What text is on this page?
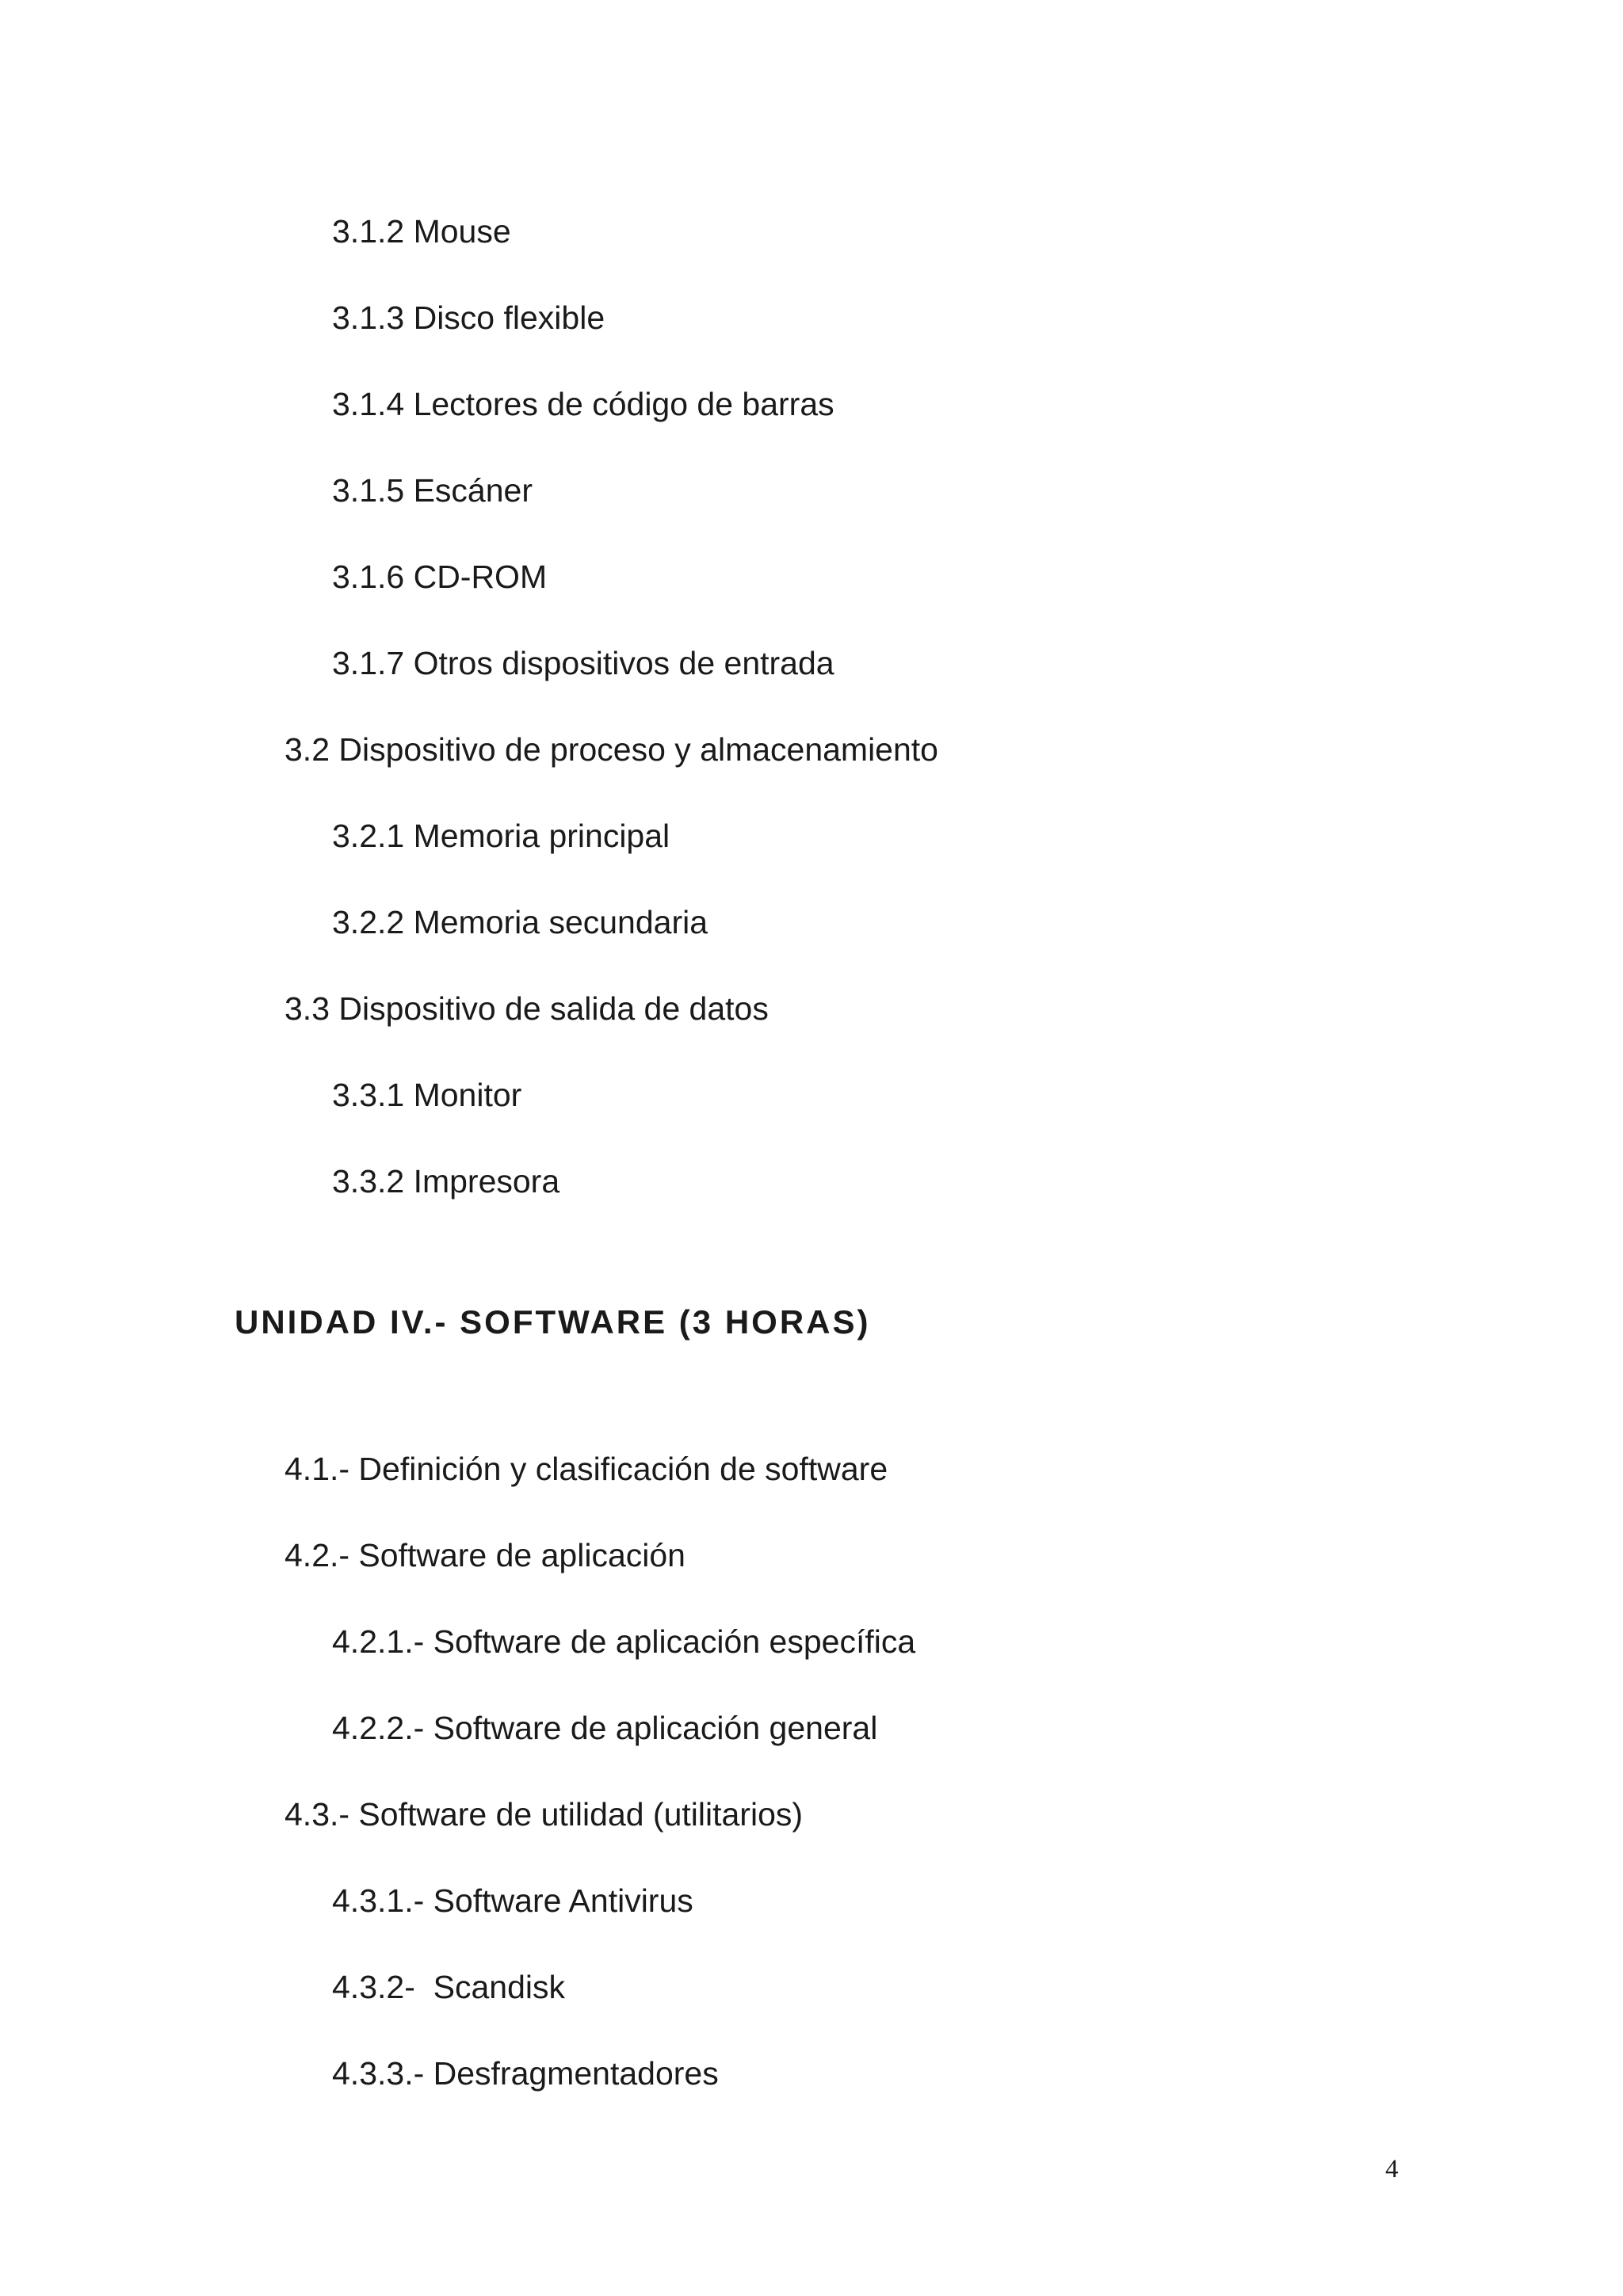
3.1.2 Mouse

3.1.3 Disco flexible

3.1.4 Lectores de código de barras

3.1.5 Escáner

3.1.6 CD-ROM

3.1.7 Otros dispositivos de entrada

3.2 Dispositivo de proceso y almacenamiento

3.2.1 Memoria principal

3.2.2 Memoria secundaria

3.3 Dispositivo de salida de datos

3.3.1 Monitor

3.3.2 Impresora

UNIDAD IV.- SOFTWARE (3 HORAS)

4.1.- Definición y clasificación de software

4.2.- Software de aplicación

4.2.1.- Software de aplicación específica

4.2.2.- Software de aplicación general

4.3.- Software de utilidad (utilitarios)

4.3.1.- Software Antivirus

4.3.2-  Scandisk

4.3.3.- Desfragmentadores

4
